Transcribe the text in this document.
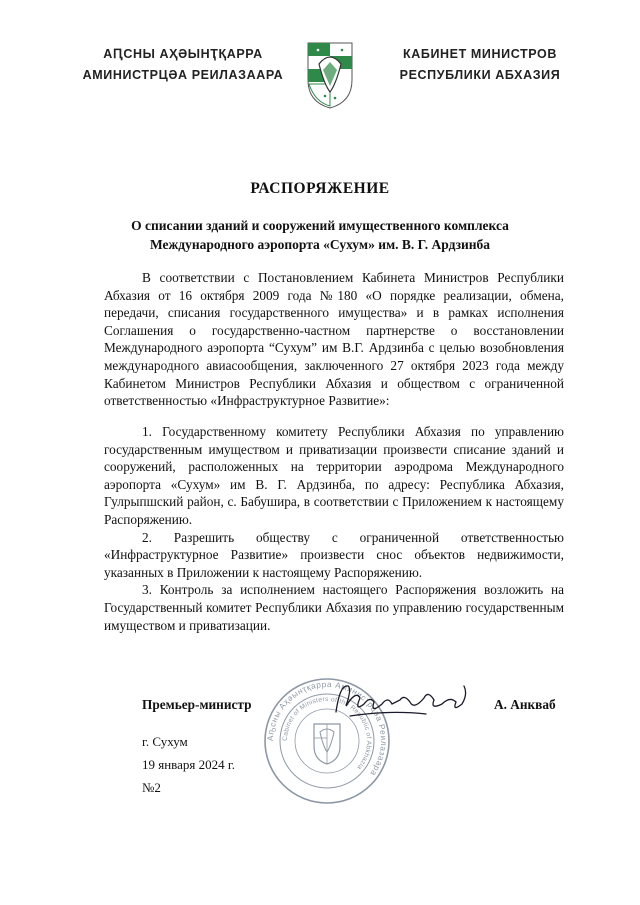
АԤСНЫ АҲӘЫНҬҚАРРА
АМИНИСТРЦӘА РЕИЛАЗААРА
КАБИНЕТ МИНИСТРОВ
РЕСПУБЛИКИ АБХАЗИЯ
РАСПОРЯЖЕНИЕ
О списании зданий и сооружений имущественного комплекса
Международного аэропорта «Сухум» им. В. Г. Ардзинба

В соответствии с Постановлением Кабинета Министров Республики Абхазия от 16 октября 2009 года №180 «О порядке реализации, обмена, передачи, списания государственного имущества» и в рамках исполнения Соглашения о государственно-частном партнерстве о восстановлении Международного аэропорта “Сухум” им В.Г. Ардзинба с целью возобновления международного авиасообщения, заключенного 27 октября 2023 года между Кабинетом Министров Республики Абхазия и обществом с ограниченной ответственностью «Инфраструктурное Развитие»:

1. Государственному комитету Республики Абхазия по управлению государственным имуществом и приватизации произвести списание зданий и сооружений, расположенных на территории аэродрома Международного аэропорта «Сухум» им В. Г. Ардзинба, по адресу: Республика Абхазия, Гулрыпшский район, с. Бабушира, в соответствии с Приложением к настоящему Распоряжению.

2. Разрешить обществу с ограниченной ответственностью «Инфраструктурное Развитие» произвести снос объектов недвижимости, указанных в Приложении к настоящему Распоряжению.

3. Контроль за исполнением настоящего Распоряжения возложить на Государственный комитет Республики Абхазия по управлению государственным имуществом и приватизации.

Аҧсны Аҳәынҭқарра Аминистрцәа Реилазаара
Cabinet of Ministers of the Republic of Abkhazia
Премьер-министр	А. Анкваб
г. Сухум
19 января 2024 г.
№2
